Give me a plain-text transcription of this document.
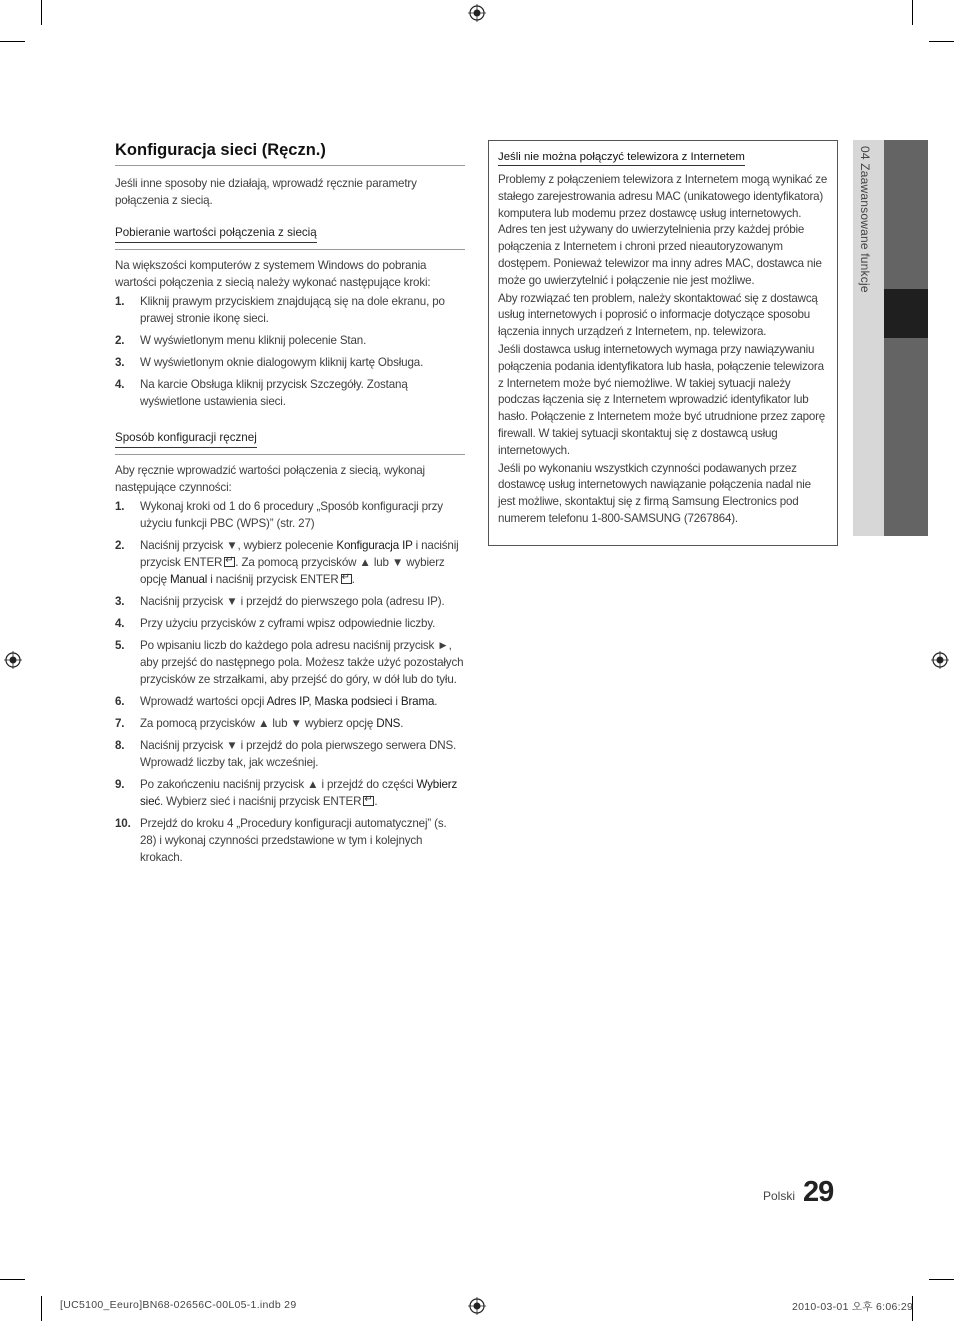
Konfiguracja sieci (Ręczn.)

Jeśli inne sposoby nie działają, wprowadź ręcznie parametry połączenia z siecią.

Pobieranie wartości połączenia z siecią

Na większości komputerów z systemem Windows do pobrania wartości połączenia z siecią należy wykonać następujące kroki:

1.	Kliknij prawym przyciskiem znajdującą się na dole ekranu, po prawej stronie ikonę sieci.
2.	W wyświetlonym menu kliknij polecenie Stan.
3.	W wyświetlonym oknie dialogowym kliknij kartę Obsługa.
4.	Na karcie Obsługa kliknij przycisk Szczegóły. Zostaną wyświetlone ustawienia sieci.
Sposób konfiguracji ręcznej

Aby ręcznie wprowadzić wartości połączenia z siecią, wykonaj następujące czynności:

1.	Wykonaj kroki od 1 do 6 procedury „Sposób konfiguracji przy użyciu funkcji PBC (WPS)” (str. 27)
2.	Naciśnij przycisk ▼, wybierz polecenie Konfiguracja IP i naciśnij przycisk ENTER ↵ . Za pomocą przycisków ▲ lub ▼ wybierz opcję Manual i naciśnij przycisk ENTER ↵ .
3.	Naciśnij przycisk ▼ i przejdź do pierwszego pola (adresu IP).
4.	Przy użyciu przycisków z cyframi wpisz odpowiednie liczby.
5.	Po wpisaniu liczb do każdego pola adresu naciśnij przycisk ►, aby przejść do następnego pola. Możesz także użyć pozostałych przycisków ze strzałkami, aby przejść do góry, w dół lub do tyłu.
6.	Wprowadź wartości opcji Adres IP, Maska podsieci i Brama.
7.	Za pomocą przycisków ▲ lub ▼ wybierz opcję DNS.
8.	Naciśnij przycisk ▼ i przejdź do pola pierwszego serwera DNS. Wprowadź liczby tak, jak wcześniej.
9.	Po zakończeniu naciśnij przycisk ▲ i przejdź do części Wybierz sieć. Wybierz sieć i naciśnij przycisk ENTER ↵ .
10. Przejdź do kroku 4 „Procedury konfiguracji automatycznej” (s. 28) i wykonaj czynności przedstawione w tym i kolejnych krokach.
Jeśli nie można połączyć telewizora z Internetem

Problemy z połączeniem telewizora z Internetem mogą wynikać ze stałego zarejestrowania adresu MAC (unikatowego identyfikatora) komputera lub modemu przez dostawcę usług internetowych. Adres ten jest używany do uwierzytelnienia przy każdej próbie połączenia z Internetem i chroni przed nieautoryzowanym dostępem. Ponieważ telewizor ma inny adres MAC, dostawca nie może go uwierzytelnić i połączenie nie jest możliwe.

Aby rozwiązać ten problem, należy skontaktować się z dostawcą usług internetowych i poprosić o informacje dotyczące sposobu łączenia innych urządzeń z Internetem, np. telewizora.

Jeśli dostawca usług internetowych wymaga przy nawiązywaniu połączenia podania identyfikatora lub hasła, połączenie telewizora z Internetem może być niemożliwe. W takiej sytuacji należy podczas łączenia się z Internetem wprowadzić identyfikator lub hasło. Połączenie z Internetem może być utrudnione przez zaporę firewall. W takiej sytuacji skontaktuj się z dostawcą usług internetowych.

Jeśli po wykonaniu wszystkich czynności podawanych przez dostawcę usług internetowych nawiązanie połączenia nadal nie jest możliwe, skontaktuj się z firmą Samsung Electronics pod numerem telefonu 1-800-SAMSUNG (7267864).

04 Zaawansowane funkcje
Polski 29
[UC5100_Eeuro]BN68-02656C-00L05-1.indb 29	2010-03-01 오후 6:06:29
